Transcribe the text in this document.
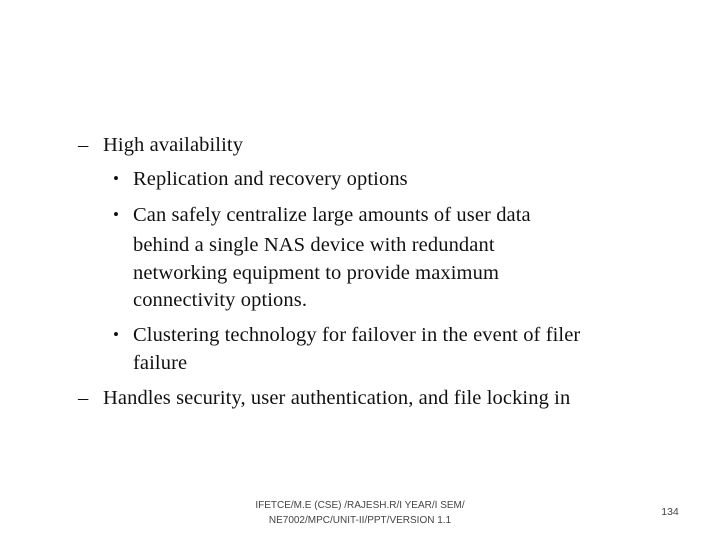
– High availability
• Replication and recovery options
• Can safely centralize large amounts of user data
behind a single NAS device with redundant
networking equipment to provide maximum
connectivity options.
• Clustering technology for failover in the event of filer
failure
– Handles security, user authentication, and file locking in
IFETCE/M.E (CSE) /RAJESH.R/I YEAR/I SEM/
NE7002/MPC/UNIT-II/PPT/VERSION 1.1
134
